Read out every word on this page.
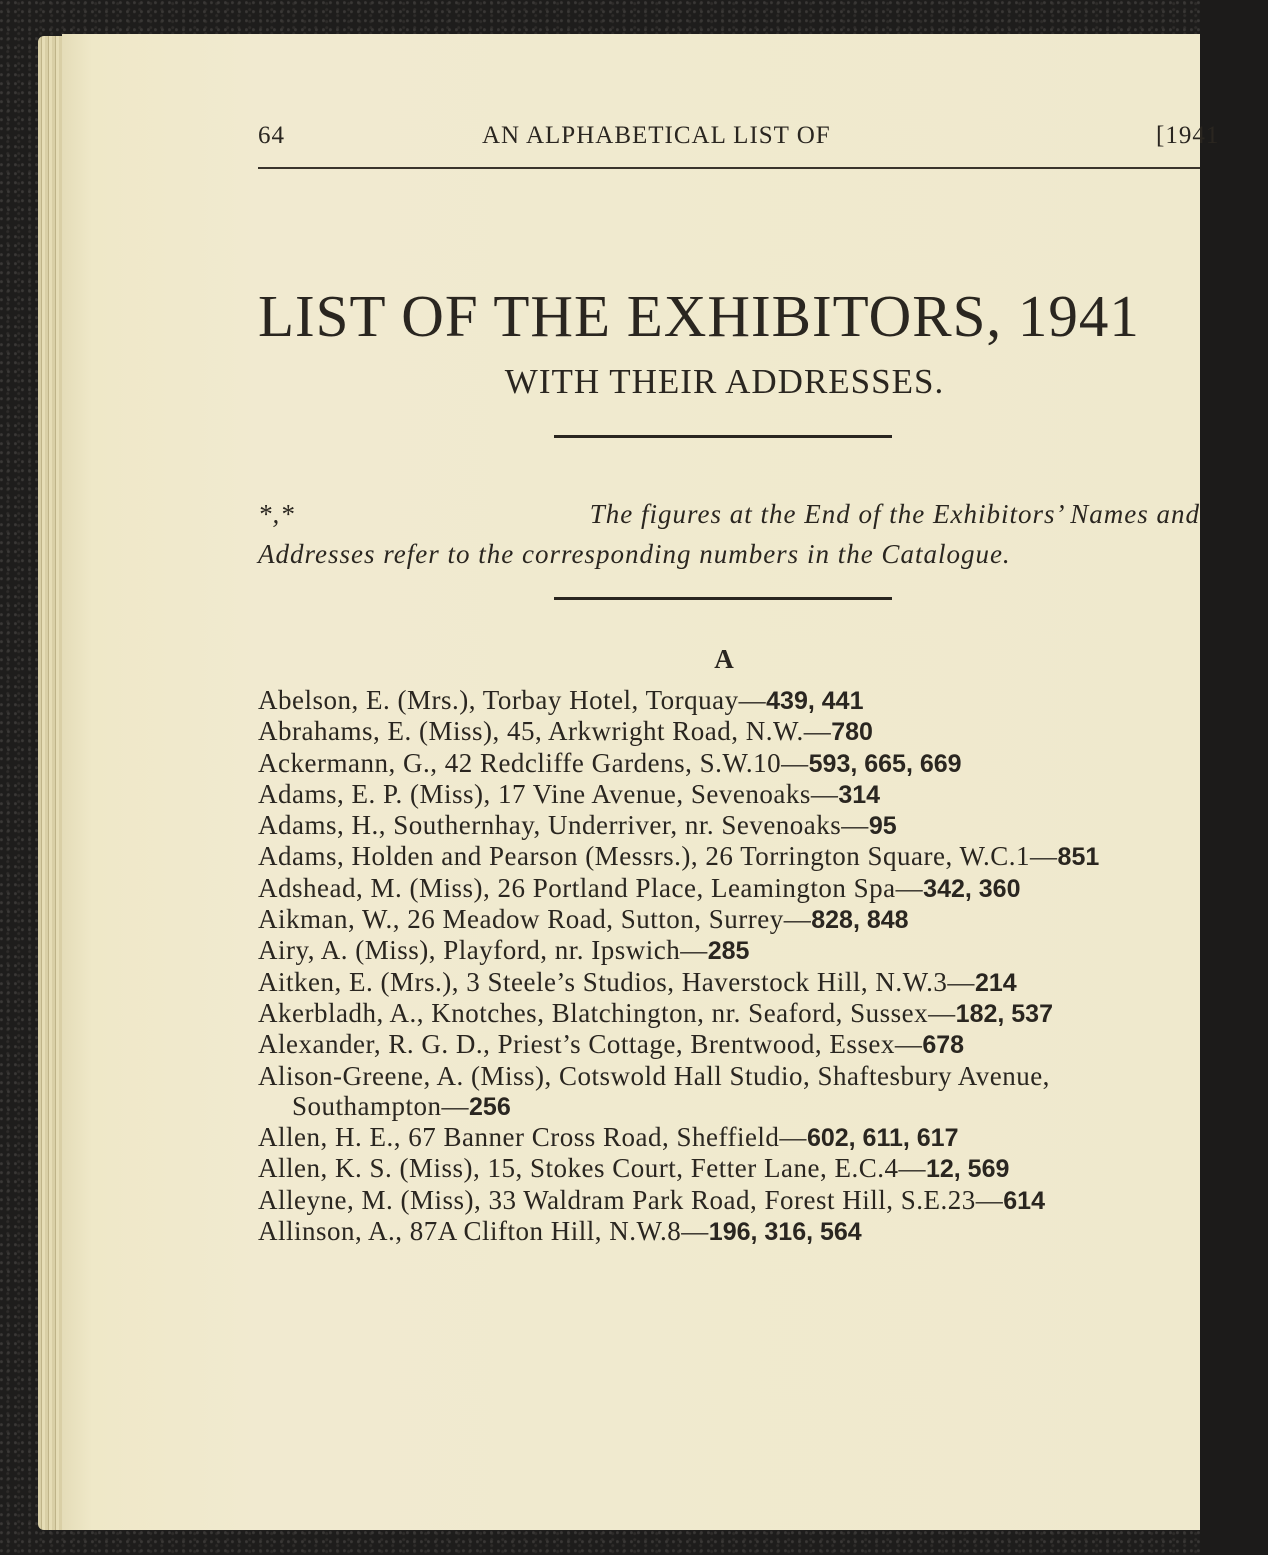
64	AN ALPHABETICAL LIST OF	[1941
LIST OF THE EXHIBITORS, 1941
WITH THEIR ADDRESSES.
*,*	The figures at the End of the Exhibitors’ Names and
Addresses refer to the corresponding numbers in the Catalogue.
A
Abelson, E. (Mrs.), Torbay Hotel, Torquay—439, 441
Abrahams, E. (Miss), 45, Arkwright Road, N.W.—780
Ackermann, G., 42 Redcliffe Gardens, S.W.10—593, 665, 669
Adams, E. P. (Miss), 17 Vine Avenue, Sevenoaks—314
Adams, H., Southernhay, Underriver, nr. Sevenoaks—95
Adams, Holden and Pearson (Messrs.), 26 Torrington Square, W.C.1—851
Adshead, M. (Miss), 26 Portland Place, Leamington Spa—342, 360
Aikman, W., 26 Meadow Road, Sutton, Surrey—828, 848
Airy, A. (Miss), Playford, nr. Ipswich—285
Aitken, E. (Mrs.), 3 Steele’s Studios, Haverstock Hill, N.W.3—214
Akerbladh, A., Knotches, Blatchington, nr. Seaford, Sussex—182, 537
Alexander, R. G. D., Priest’s Cottage, Brentwood, Essex—678
Alison-Greene, A. (Miss), Cotswold Hall Studio, Shaftesbury Avenue, Southampton—256
Allen, H. E., 67 Banner Cross Road, Sheffield—602, 611, 617
Allen, K. S. (Miss), 15, Stokes Court, Fetter Lane, E.C.4—12, 569
Alleyne, M. (Miss), 33 Waldram Park Road, Forest Hill, S.E.23—614
Allinson, A., 87A Clifton Hill, N.W.8—196, 316, 564
